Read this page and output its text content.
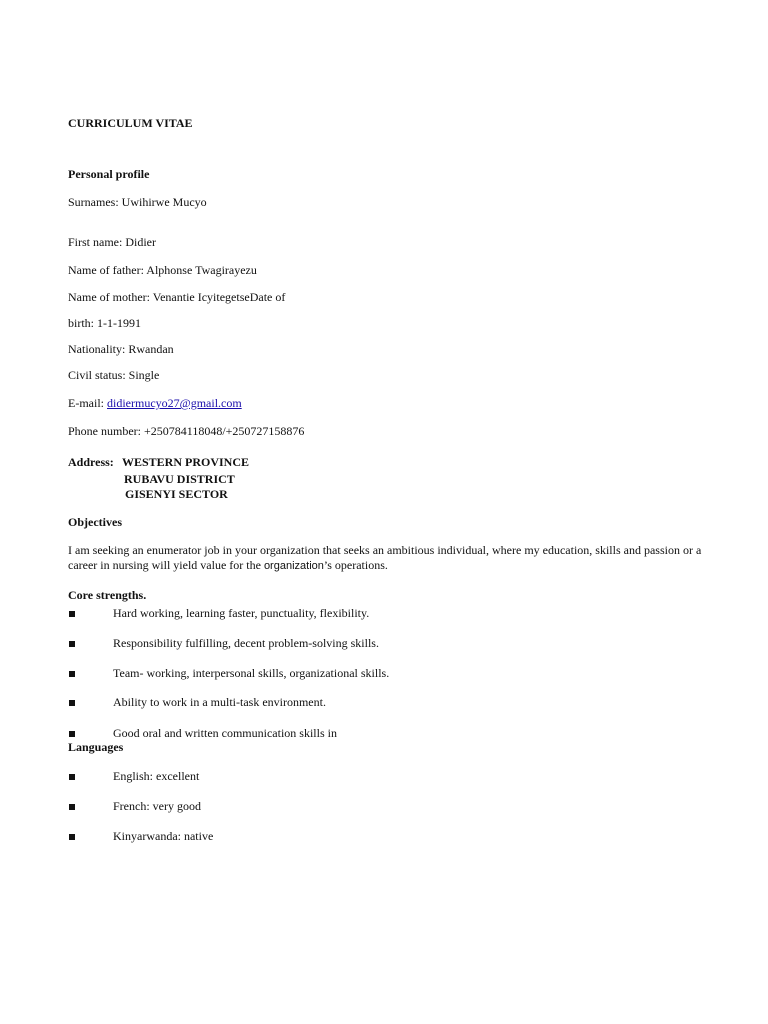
CURRICULUM VITAE
Personal profile
Surnames: Uwihirwe Mucyo
First name: Didier
Name of father: Alphonse Twagirayezu
Name of mother: Venantie IcyitegetseDate of
birth: 1-1-1991
Nationality: Rwandan
Civil status: Single
E-mail: didiermucyo27@gmail.com
Phone number: +250784118048/+250727158876
Address: WESTERN PROVINCE
RUBAVU DISTRICT
GISENYI SECTOR
Objectives
I am seeking an enumerator job in your organization that seeks an ambitious individual, where my education, skills and passion or a career in nursing will yield value for the organization’s operations.
Core strengths.
Hard working, learning faster, punctuality, flexibility.
Responsibility fulfilling, decent problem-solving skills.
Team- working, interpersonal skills, organizational skills.
Ability to work in a multi-task environment.
Good oral and written communication skills in
Languages
English: excellent
French: very good
Kinyarwanda: native
